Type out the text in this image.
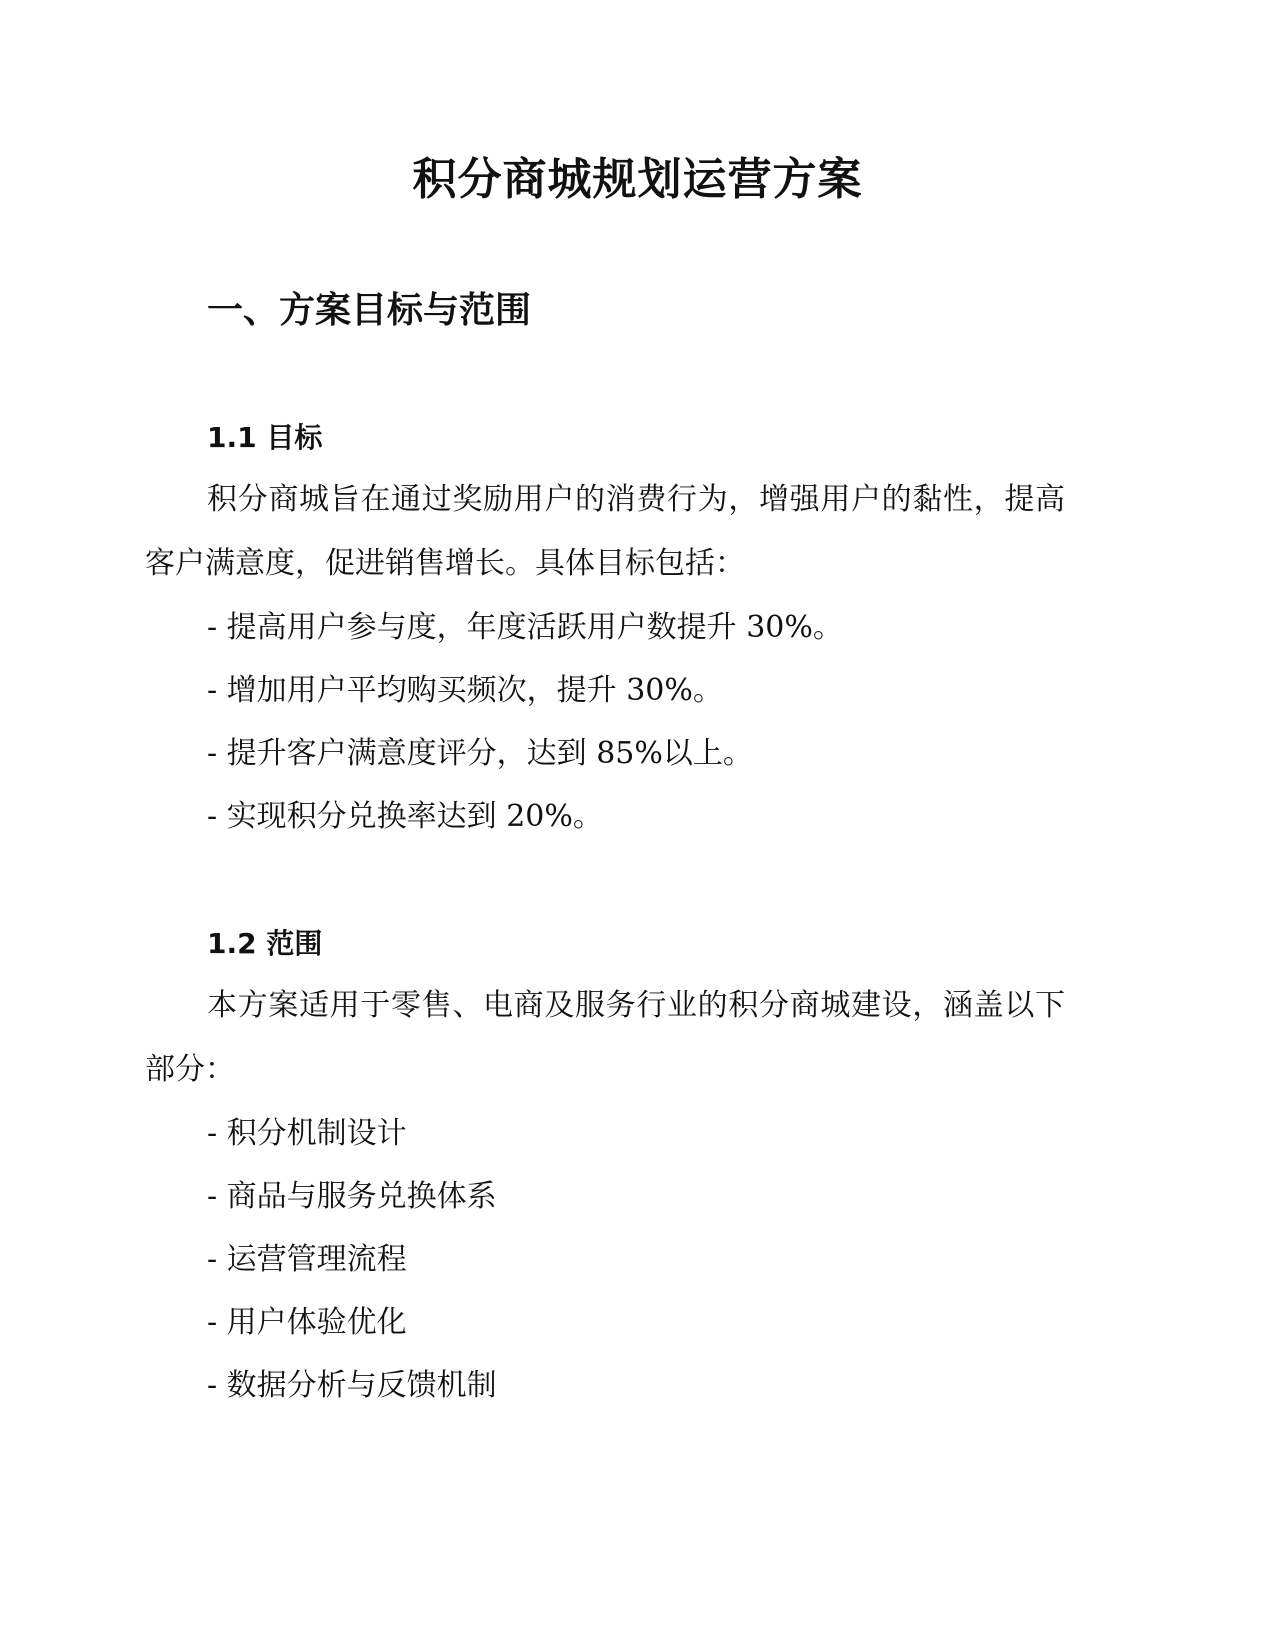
积分商城规划运营方案
一、方案目标与范围
1.1 目标

积分商城旨在通过奖励用户的消费行为，增强用户的黏性，提高客户满意度，促进销售增长。具体目标包括：

- 提高用户参与度，年度活跃用户数提升 30%。

- 增加用户平均购买频次，提升 30%。

- 提升客户满意度评分，达到 85%以上。

- 实现积分兑换率达到 20%。

1.2 范围

本方案适用于零售、电商及服务行业的积分商城建设，涵盖以下部分：

- 积分机制设计

- 商品与服务兑换体系

- 运营管理流程

- 用户体验优化

- 数据分析与反馈机制
